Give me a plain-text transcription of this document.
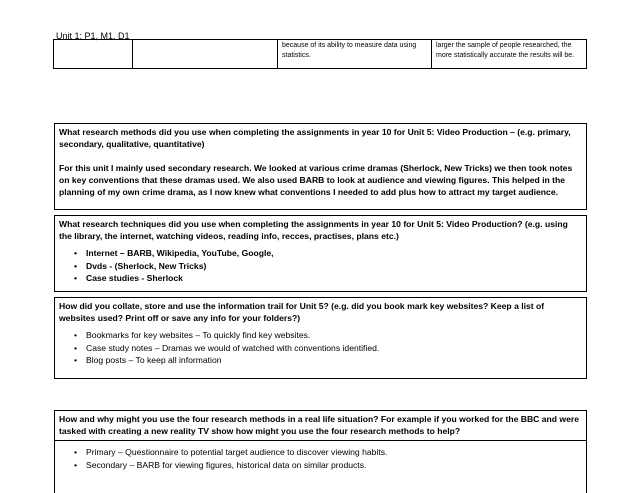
Unit 1: P1, M1, D1
		because of its ability to measure data using statistics.	larger the sample of people researched, the more statistically accurate the results will be.

What research methods did you use when completing the assignments in year 10 for Unit 5: Video Production – (e.g. primary, secondary, qualitative, quantitative)

For this unit I mainly used secondary research. We looked at various crime dramas (Sherlock, New Tricks) we then took notes on key conventions that these dramas used. We also used BARB to look at audience and viewing figures. This helped in the planning of my own crime drama, as I now knew what conventions I needed to add plus how to attract my target audience.

What research techniques did you use when completing the assignments in year 10 for Unit 5: Video Production? (e.g. using the library, the internet, watching videos, reading info, recces, practises, plans etc.)

• Internet – BARB, Wikipedia, YouTube, Google,
• Dvds - (Sherlock, New Tricks)
• Case studies - Sherlock

How did you collate, store and use the information trail for Unit 5? (e.g. did you book mark key websites? Keep a list of websites used? Print off or save any info for your folders?)

• Bookmarks for key websites – To quickly find key websites.
• Case study notes – Dramas we would of watched with conventions identified.
• Blog posts – To keep all information

How and why might you use the four research methods in a real life situation? For example if you worked for the BBC and were tasked with creating a new reality TV show how might you use the four research methods to help?

• Primary – Questionnaire to potential target audience to discover viewing habits.
• Secondary – BARB for viewing figures, historical data on similar products.
